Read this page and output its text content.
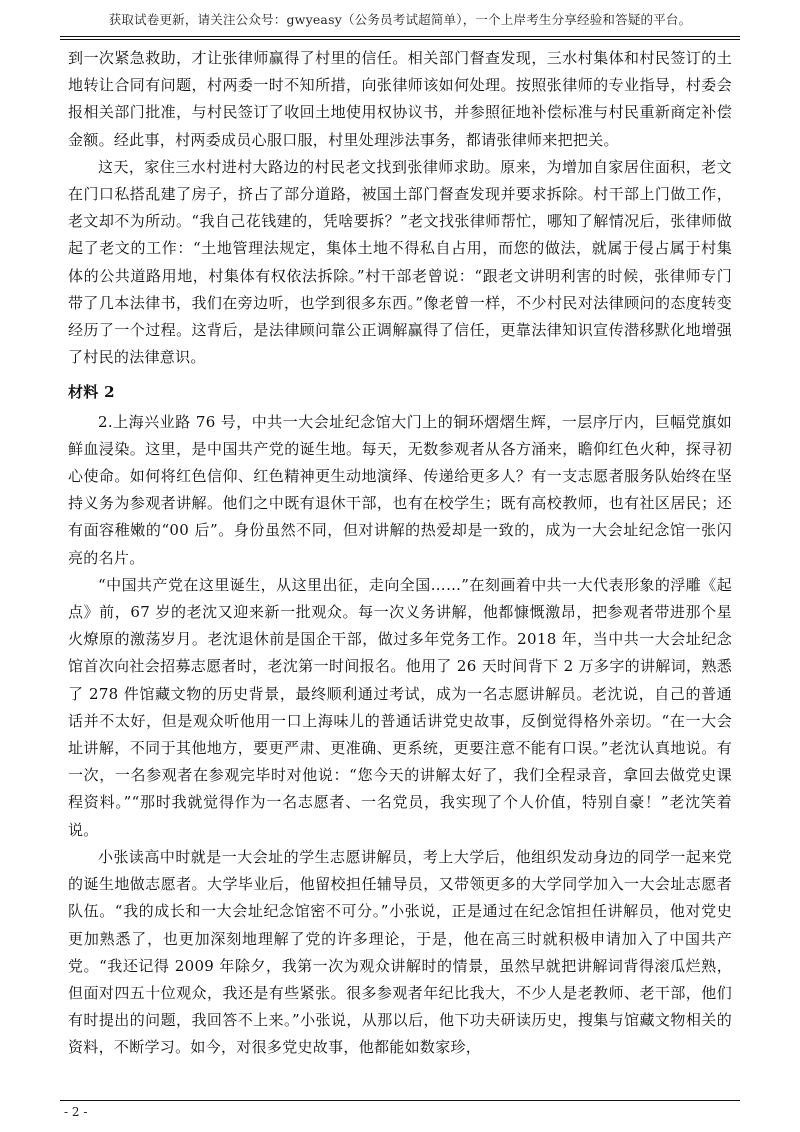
获取试卷更新，请关注公众号：gwyeasy（公务员考试超简单），一个上岸考生分享经验和答疑的平台。

到一次紧急救助，才让张律师赢得了村里的信任。相关部门督查发现，三水村集体和村民签订的土地转让合同有问题，村两委一时不知所措，向张律师该如何处理。按照张律师的专业指导，村委会报相关部门批准，与村民签订了收回土地使用权协议书，并参照征地补偿标准与村民重新商定补偿金额。经此事，村两委成员心服口服，村里处理涉法事务，都请张律师来把把关。

这天，家住三水村进村大路边的村民老文找到张律师求助。原来，为增加自家居住面积，老文在门口私搭乱建了房子，挤占了部分道路，被国土部门督查发现并要求拆除。村干部上门做工作，老文却不为所动。“我自己花钱建的，凭啥要拆？”老文找张律师帮忙，哪知了解情况后，张律师做起了老文的工作：“土地管理法规定，集体土地不得私自占用，而您的做法，就属于侵占属于村集体的公共道路用地，村集体有权依法拆除。”村干部老曾说：“跟老文讲明利害的时候，张律师专门带了几本法律书，我们在旁边听，也学到很多东西。”像老曾一样，不少村民对法律顾问的态度转变经历了一个过程。这背后，是法律顾问靠公正调解赢得了信任，更靠法律知识宣传潜移默化地增强了村民的法律意识。

材料 2

2.上海兴业路 76 号，中共一大会址纪念馆大门上的铜环熠熠生辉，一层序厅内，巨幅党旗如鲜血浸染。这里，是中国共产党的诞生地。每天，无数参观者从各方涌来，瞻仰红色火种，探寻初心使命。如何将红色信仰、红色精神更生动地演绎、传递给更多人？有一支志愿者服务队始终在坚持义务为参观者讲解。他们之中既有退休干部，也有在校学生；既有高校教师，也有社区居民；还有面容稚嫩的“00 后”。身份虽然不同，但对讲解的热爱却是一致的，成为一大会址纪念馆一张闪亮的名片。

“中国共产党在这里诞生，从这里出征，走向全国……”在刻画着中共一大代表形象的浮雕《起点》前，67 岁的老沈又迎来新一批观众。每一次义务讲解，他都慷慨激昂，把参观者带进那个星火燎原的激荡岁月。老沈退休前是国企干部，做过多年党务工作。2018 年，当中共一大会址纪念馆首次向社会招募志愿者时，老沈第一时间报名。他用了 26 天时间背下 2 万多字的讲解词，熟悉了 278 件馆藏文物的历史背景，最终顺利通过考试，成为一名志愿讲解员。老沈说，自己的普通话并不太好，但是观众听他用一口上海味儿的普通话讲党史故事，反倒觉得格外亲切。“在一大会址讲解，不同于其他地方，要更严肃、更准确、更系统，更要注意不能有口误。”老沈认真地说。有一次，一名参观者在参观完毕时对他说：“您今天的讲解太好了，我们全程录音，拿回去做党史课程资料。”“那时我就觉得作为一名志愿者、一名党员，我实现了个人价值，特别自豪！”老沈笑着说。

小张读高中时就是一大会址的学生志愿讲解员，考上大学后，他组织发动身边的同学一起来党的诞生地做志愿者。大学毕业后，他留校担任辅导员，又带领更多的大学同学加入一大会址志愿者队伍。“我的成长和一大会址纪念馆密不可分。”小张说，正是通过在纪念馆担任讲解员，他对党史更加熟悉了，也更加深刻地理解了党的许多理论，于是，他在高三时就积极申请加入了中国共产党。“我还记得 2009 年除夕，我第一次为观众讲解时的情景，虽然早就把讲解词背得滚瓜烂熟，但面对四五十位观众，我还是有些紧张。很多参观者年纪比我大，不少人是老教师、老干部，他们有时提出的问题，我回答不上来。”小张说，从那以后，他下功夫研读历史，搜集与馆藏文物相关的资料，不断学习。如今，对很多党史故事，他都能如数家珍，

- 2 -
